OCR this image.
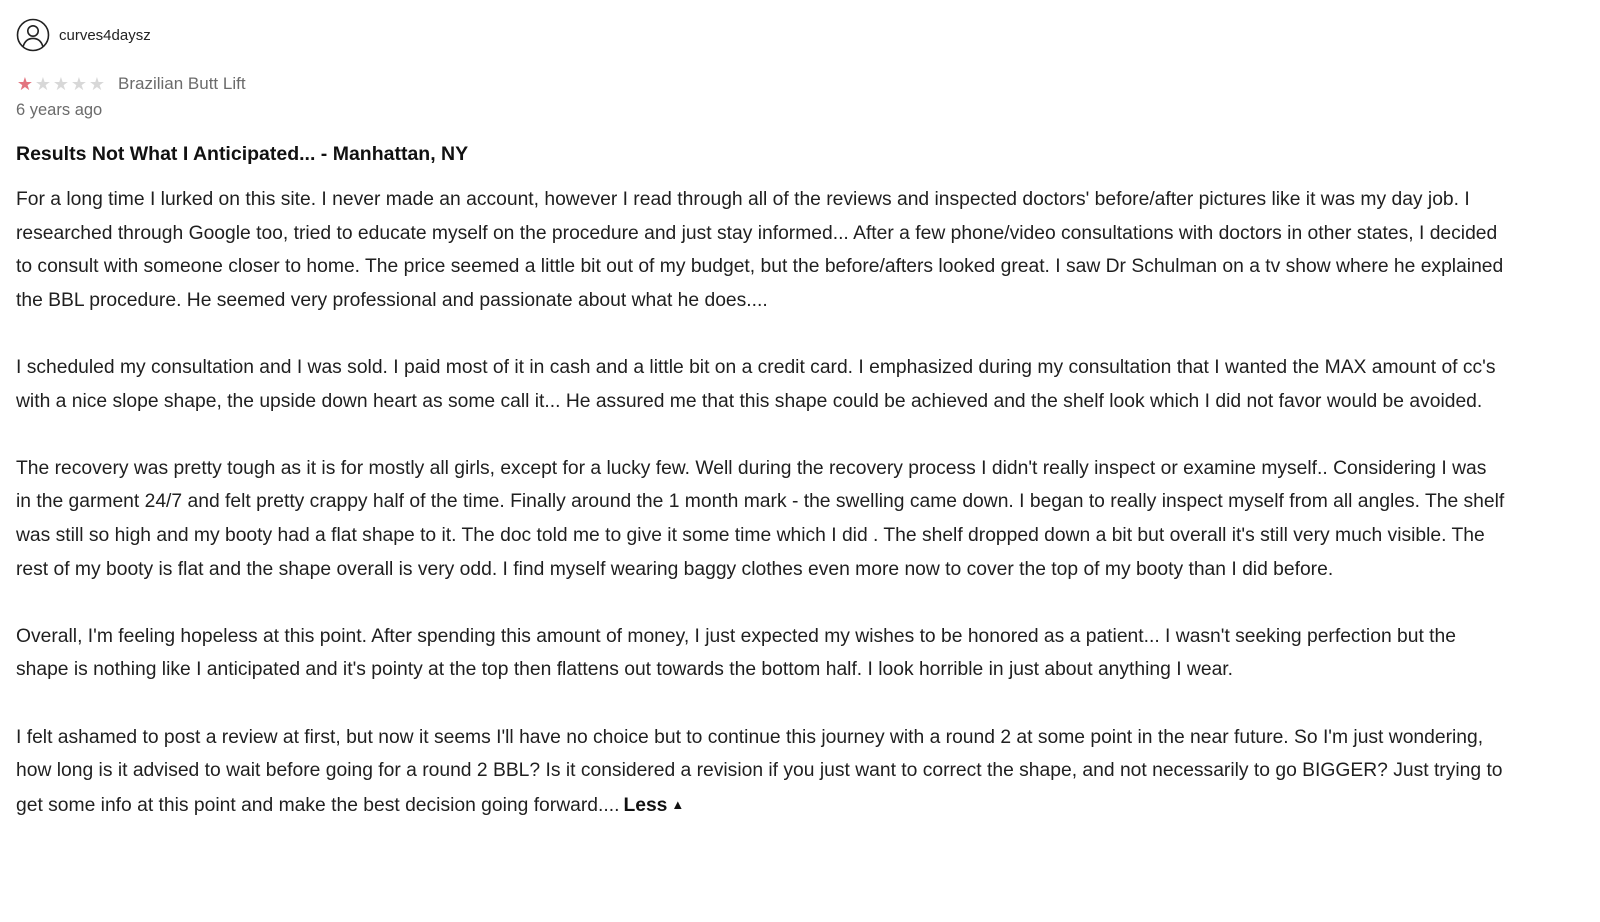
curves4daysz
★ ★ ★ ★ ★ Brazilian Butt Lift
6 years ago
Results Not What I Anticipated... - Manhattan, NY

For a long time I lurked on this site. I never made an account, however I read through all of the reviews and inspected doctors' before/after pictures like it was my day job. I researched through Google too, tried to educate myself on the procedure and just stay informed... After a few phone/video consultations with doctors in other states, I decided to consult with someone closer to home. The price seemed a little bit out of my budget, but the before/afters looked great. I saw Dr Schulman on a tv show where he explained the BBL procedure. He seemed very professional and passionate about what he does....

I scheduled my consultation and I was sold. I paid most of it in cash and a little bit on a credit card. I emphasized during my consultation that I wanted the MAX amount of cc's with a nice slope shape, the upside down heart as some call it... He assured me that this shape could be achieved and the shelf look which I did not favor would be avoided.

The recovery was pretty tough as it is for mostly all girls, except for a lucky few. Well during the recovery process I didn't really inspect or examine myself.. Considering I was in the garment 24/7 and felt pretty crappy half of the time. Finally around the 1 month mark - the swelling came down. I began to really inspect myself from all angles. The shelf was still so high and my booty had a flat shape to it. The doc told me to give it some time which I did . The shelf dropped down a bit but overall it's still very much visible. The rest of my booty is flat and the shape overall is very odd. I find myself wearing baggy clothes even more now to cover the top of my booty than I did before.

Overall, I'm feeling hopeless at this point. After spending this amount of money, I just expected my wishes to be honored as a patient... I wasn't seeking perfection but the shape is nothing like I anticipated and it's pointy at the top then flattens out towards the bottom half. I look horrible in just about anything I wear.

I felt ashamed to post a review at first, but now it seems I'll have no choice but to continue this journey with a round 2 at some point in the near future. So I'm just wondering, how long is it advised to wait before going for a round 2 BBL? Is it considered a revision if you just want to correct the shape, and not necessarily to go BIGGER? Just trying to get some info at this point and make the best decision going forward.... Less ▲
